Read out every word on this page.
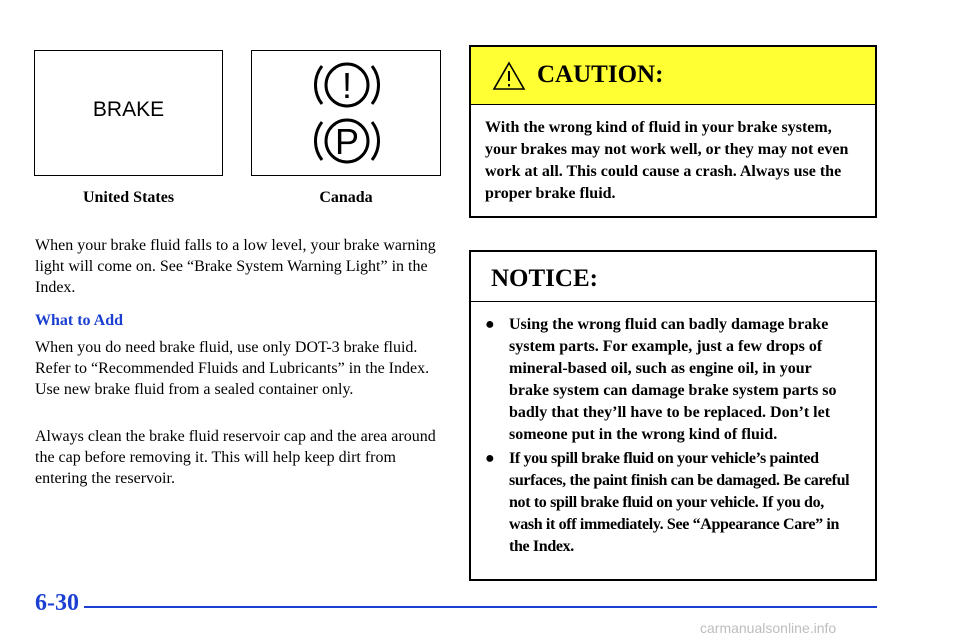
BRAKE
!
P
United States	Canada
When your brake fluid falls to a low level, your brake warning light will come on. See “Brake System Warning Light” in the Index.
What to Add
When you do need brake fluid, use only DOT-3 brake fluid. Refer to “Recommended Fluids and Lubricants” in the Index. Use new brake fluid from a sealed container only.
Always clean the brake fluid reservoir cap and the area around the cap before removing it. This will help keep dirt from entering the reservoir.
CAUTION:
With the wrong kind of fluid in your brake system, your brakes may not work well, or they may not even work at all. This could cause a crash. Always use the proper brake fluid.
NOTICE:
● Using the wrong fluid can badly damage brake system parts. For example, just a few drops of mineral-based oil, such as engine oil, in your brake system can damage brake system parts so badly that they’ll have to be replaced. Don’t let someone put in the wrong kind of fluid.
● If you spill brake fluid on your vehicle’s painted surfaces, the paint finish can be damaged. Be careful not to spill brake fluid on your vehicle. If you do, wash it off immediately. See “Appearance Care” in the Index.
6-30
carmanualsonline.info
